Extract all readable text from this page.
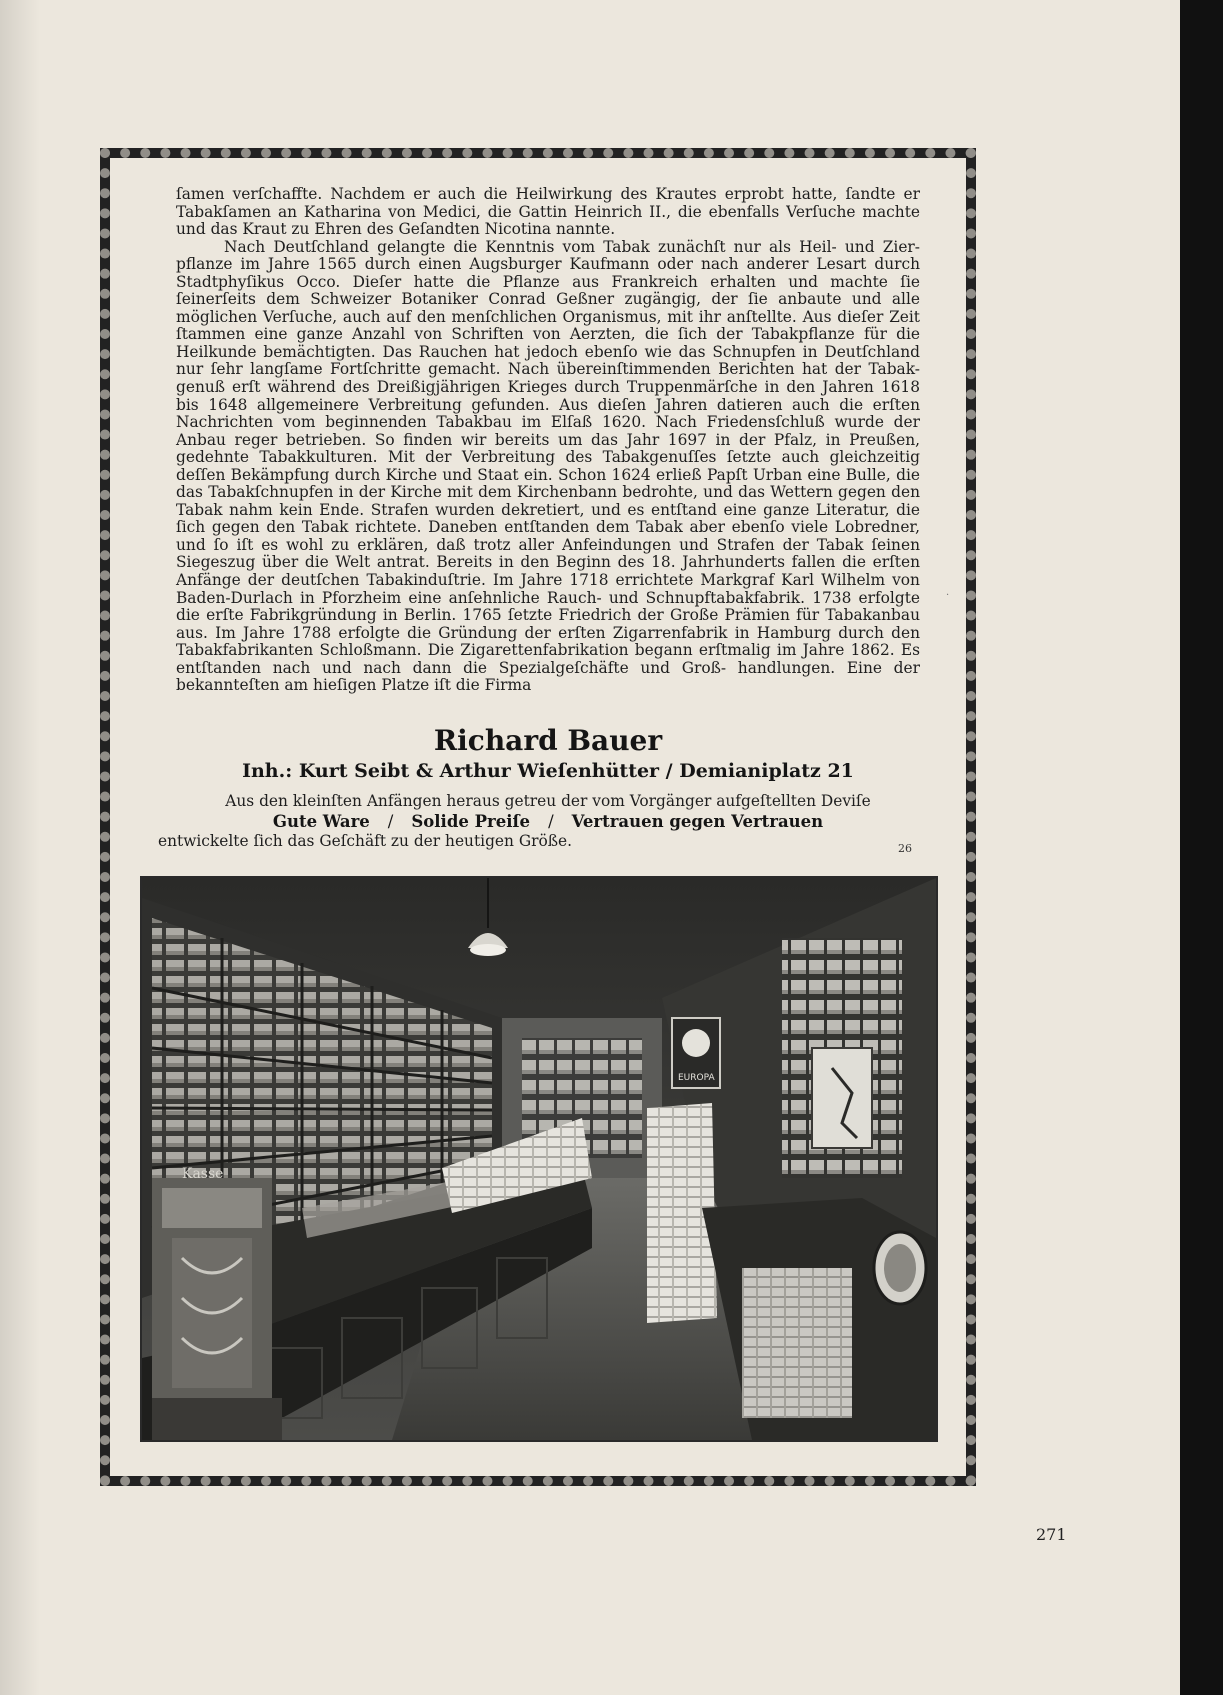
ſamen verſchaffte. Nachdem er auch die Heilwirkung des Krautes erprobt hatte, ſandte er Tabakſamen an Katharina von Medici, die Gattin Heinrich II., die ebenfalls Verſuche machte und das Kraut zu Ehren des Geſandten Nicotina nannte.

Nach Deutſchland gelangte die Kenntnis vom Tabak zunächſt nur als Heil- und Zier- pflanze im Jahre 1565 durch einen Augsburger Kaufmann oder nach anderer Lesart durch Stadtphyſikus Occo. Dieſer hatte die Pflanze aus Frankreich erhalten und machte ſie ſeinerſeits dem Schweizer Botaniker Conrad Geßner zugängig, der ſie anbaute und alle möglichen Verſuche, auch auf den menſchlichen Organismus, mit ihr anſtellte. Aus dieſer Zeit ſtammen eine ganze Anzahl von Schriften von Aerzten, die ſich der Tabakpflanze für die Heilkunde bemächtigten. Das Rauchen hat jedoch ebenſo wie das Schnupfen in Deutſchland nur ſehr langſame Fortſchritte gemacht. Nach übereinſtimmenden Berichten hat der Tabak- genuß erſt während des Dreißigjährigen Krieges durch Truppenmärſche in den Jahren 1618 bis 1648 allgemeinere Verbreitung gefunden. Aus dieſen Jahren datieren auch die erſten Nachrichten vom beginnenden Tabakbau im Elſaß 1620. Nach Friedensſchluß wurde der Anbau reger betrieben. So finden wir bereits um das Jahr 1697 in der Pfalz, in Preußen, gedehnte Tabakkulturen. Mit der Verbreitung des Tabakgenuſſes ſetzte auch gleichzeitig deſſen Bekämpfung durch Kirche und Staat ein. Schon 1624 erließ Papſt Urban eine Bulle, die das Tabakſchnupfen in der Kirche mit dem Kirchenbann bedrohte, und das Wettern gegen den Tabak nahm kein Ende. Strafen wurden dekretiert, und es entſtand eine ganze Literatur, die ſich gegen den Tabak richtete. Daneben entſtanden dem Tabak aber ebenſo viele Lobredner, und ſo iſt es wohl zu erklären, daß trotz aller Anfeindungen und Strafen der Tabak ſeinen Siegeszug über die Welt antrat. Bereits in den Beginn des 18. Jahrhunderts fallen die erſten Anfänge der deutſchen Tabakinduſtrie. Im Jahre 1718 errichtete Markgraf Karl Wilhelm von Baden-Durlach in Pforzheim eine anſehnliche Rauch- und Schnupftabakfabrik. 1738 erfolgte die erſte Fabrikgründung in Berlin. 1765 ſetzte Friedrich der Große Prämien für Tabakanbau aus. Im Jahre 1788 erfolgte die Gründung der erſten Zigarrenfabrik in Hamburg durch den Tabakfabrikanten Schloßmann. Die Zigarettenfabrikation begann erſtmalig im Jahre 1862. Es entſtanden nach und nach dann die Spezialgeſchäfte und Groß- handlungen. Eine der bekannteſten am hieſigen Platze iſt die Firma

Richard Bauer
Inh.: Kurt Seibt & Arthur Wieſenhütter / Demianiplatz 21
Aus den kleinſten Anfängen heraus getreu der vom Vorgänger aufgeſtellten Deviſe
Gute Ware / Solide Preiſe / Vertrauen gegen Vertrauen
entwickelte ſich das Geſchäft zu der heutigen Größe.	26
·
Kasse
EUROPA
271
